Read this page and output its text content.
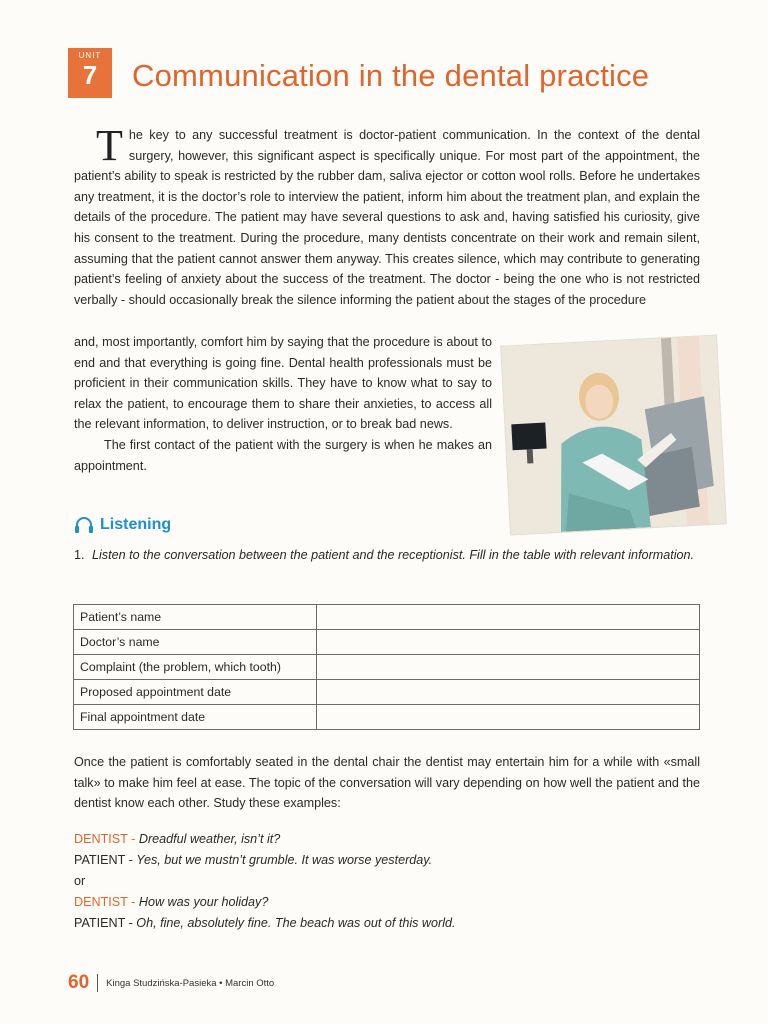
UNIT
7	Communication in the dental practice

The key to any successful treatment is doctor-patient communication. In the context of the dental surgery, however, this significant aspect is specifically unique. For most part of the appointment, the patient’s ability to speak is restricted by the rubber dam, saliva ejector or cotton wool rolls. Before he undertakes any treatment, it is the doctor’s role to interview the patient, inform him about the treatment plan, and explain the details of the procedure. The patient may have several questions to ask and, having satisfied his curiosity, give his consent to the treatment. During the procedure, many dentists concentrate on their work and remain silent, assuming that the patient cannot answer them anyway. This creates silence, which may contribute to generating patient’s feeling of anxiety about the success of the treatment. The doctor - being the one who is not restricted verbally - should occasionally break the silence informing the patient about the stages of the procedure

and, most importantly, comfort him by saying that the procedure is about to end and that everything is going fine. Dental health professionals must be proficient in their communication skills. They have to know what to say to relax the patient, to encourage them to share their anxieties, to access all the relevant information, to deliver instruction, or to break bad news.

The first contact of the patient with the surgery is when he makes an appointment.

Listening
1. Listen to the conversation between the patient and the receptionist. Fill in the table with relevant information.
Patient’s name	
Doctor’s name	
Complaint (the problem, which tooth)	
Proposed appointment date	
Final appointment date	

Once the patient is comfortably seated in the dental chair the dentist may entertain him for a while with «small talk» to make him feel at ease. The topic of the conversation will vary depending on how well the patient and the dentist know each other. Study these examples:

DENTIST - Dreadful weather, isn’t it?
PATIENT - Yes, but we mustn’t grumble. It was worse yesterday.
or
DENTIST - How was your holiday?
PATIENT - Oh, fine, absolutely fine. The beach was out of this world.
60 Kinga Studzińska-Pasieka • Marcin Otto
